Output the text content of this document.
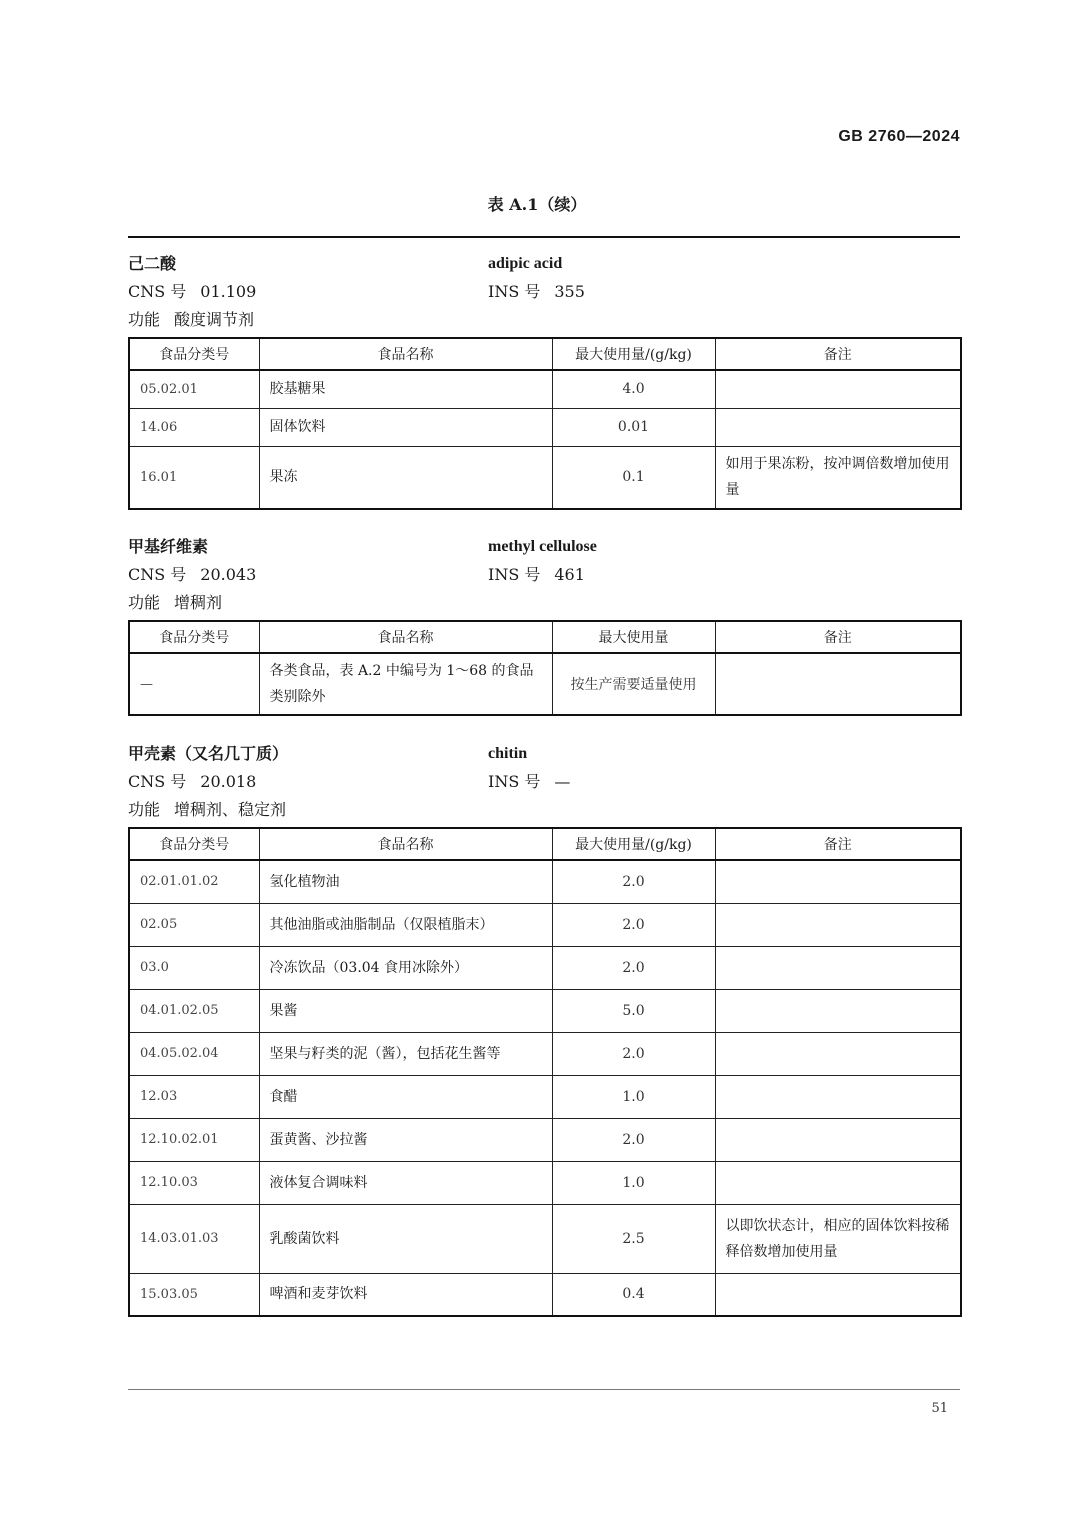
GB 2760—2024
表 A.1（续）
己二酸	adipic acid
CNS 号 01.109	INS 号 355
功能 酸度调节剂
食品分类号	食品名称	最大使用量/(g/kg)	备注
05.02.01	胶基糖果	4.0	
14.06	固体饮料	0.01	
16.01	果冻	0.1	如用于果冻粉，按冲调倍数增加使用量
甲基纤维素	methyl cellulose
CNS 号 20.043	INS 号 461
功能 增稠剂
食品分类号	食品名称	最大使用量	备注
—	各类食品，表 A.2 中编号为 1～68 的食品类别除外	按生产需要适量使用	
甲壳素（又名几丁质）	chitin
CNS 号 20.018	INS 号 —
功能 增稠剂、稳定剂
食品分类号	食品名称	最大使用量/(g/kg)	备注
02.01.01.02	氢化植物油	2.0	
02.05	其他油脂或油脂制品（仅限植脂末）	2.0	
03.0	冷冻饮品（03.04 食用冰除外）	2.0	
04.01.02.05	果酱	5.0	
04.05.02.04	坚果与籽类的泥（酱），包括花生酱等	2.0	
12.03	食醋	1.0	
12.10.02.01	蛋黄酱、沙拉酱	2.0	
12.10.03	液体复合调味料	1.0	
14.03.01.03	乳酸菌饮料	2.5	以即饮状态计，相应的固体饮料按稀释倍数增加使用量
15.03.05	啤酒和麦芽饮料	0.4	
51
